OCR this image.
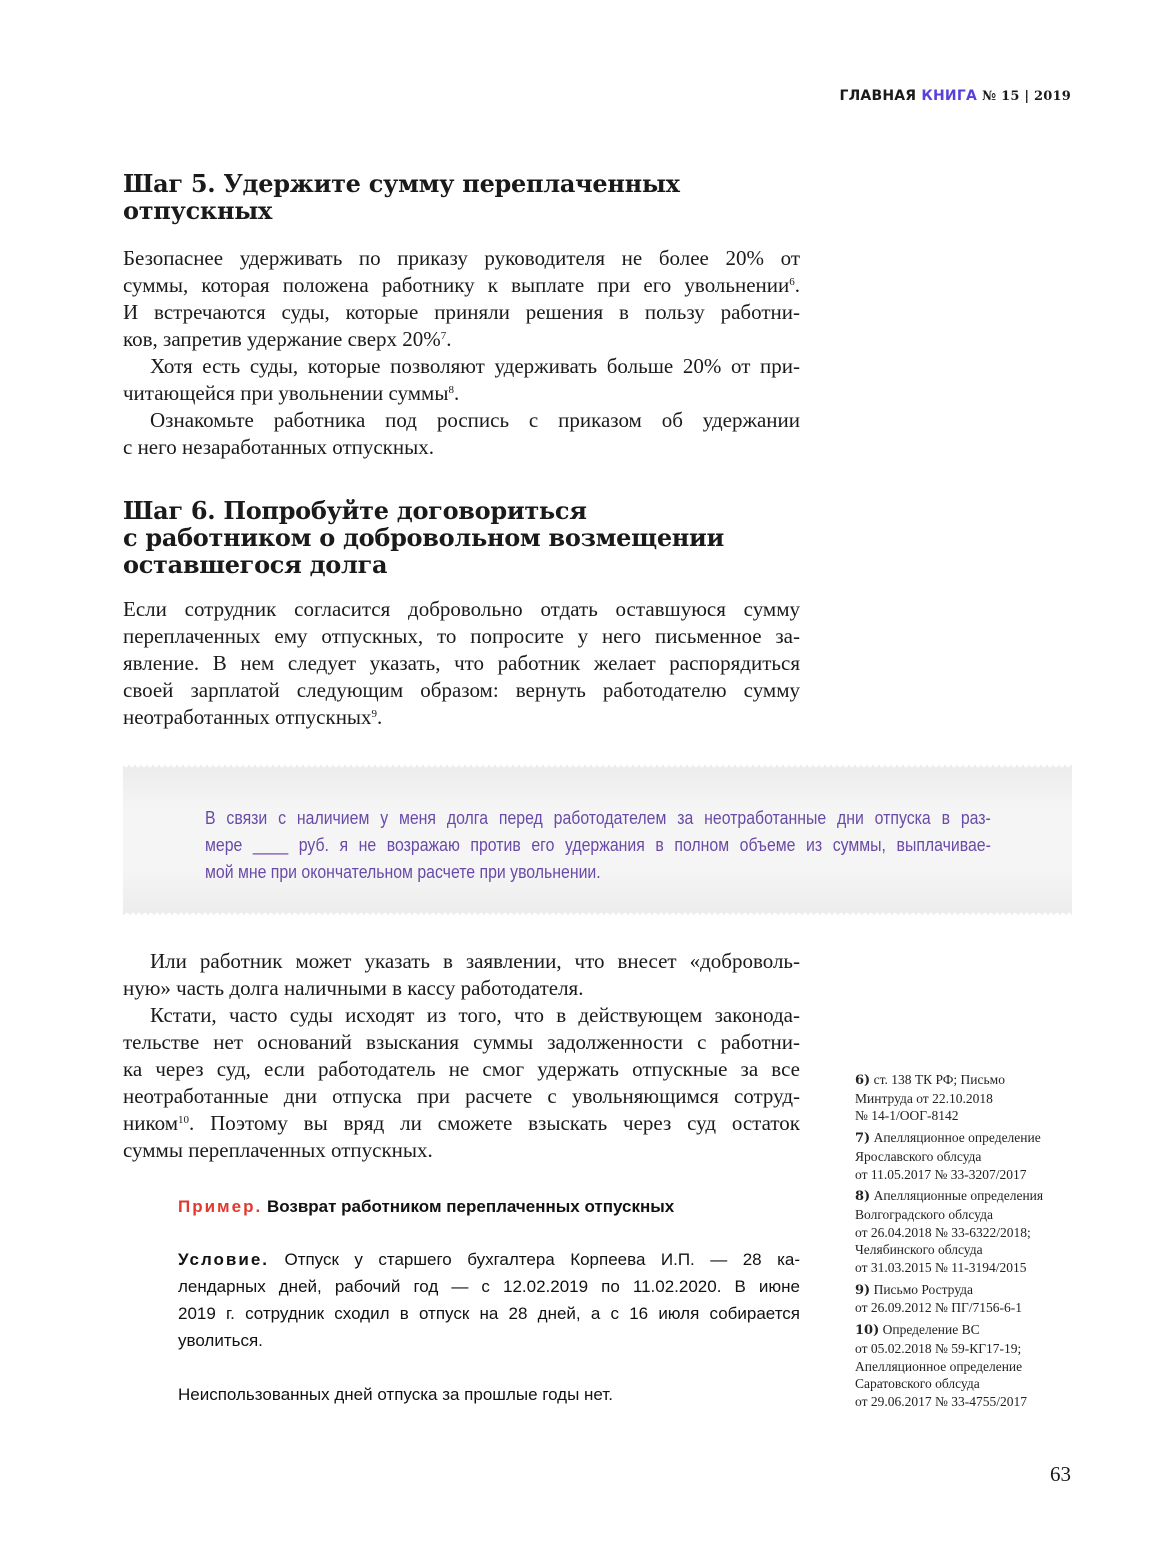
ГЛАВНАЯ КНИГА № 15 | 2019
Шаг 5. Удержите сумму переплаченных
отпускных
Безопаснее удерживать по приказу руководителя не более 20% от
суммы, которая положена работнику к выплате при его увольнении$^6$.
И встречаются суды, которые приняли решения в пользу работни-
ков, запретив удержание сверх 20%$^7$.
Хотя есть суды, которые позволяют удерживать больше 20% от при-
читающейся при увольнении суммы$^8$.
Ознакомьте работника под роспись с приказом об удержании
с него незаработанных отпускных.
Шаг 6. Попробуйте договориться
с работником о добровольном возмещении
оставшегося долга
Если сотрудник согласится добровольно отдать оставшуюся сумму
переплаченных ему отпускных, то попросите у него письменное за-
явление. В нем следует указать, что работник желает распорядиться
своей зарплатой следующим образом: вернуть работодателю сумму
неотработанных отпускных$^9$.
В связи с наличием у меня долга перед работодателем за неотработанные дни отпуска в раз-
мере ____ руб. я не возражаю против его удержания в полном объеме из суммы, выплачивае-
мой мне при окончательном расчете при увольнении.
Или работник может указать в заявлении, что внесет «доброволь-
ную» часть долга наличными в кассу работодателя.
Кстати, часто суды исходят из того, что в действующем законода-
тельстве нет оснований взыскания суммы задолженности с работни-
ка через суд, если работодатель не смог удержать отпускные за все
неотработанные дни отпуска при расчете с увольняющимся сотруд-
ником$^{10}$. Поэтому вы вряд ли сможете взыскать через суд остаток
суммы переплаченных отпускных.
Пример. Возврат работником переплаченных отпускных
Условие. Отпуск у старшего бухгалтера Корпеева И.П. — 28 ка-
лендарных дней, рабочий год — с 12.02.2019 по 11.02.2020. В июне
2019 г. сотрудник сходил в отпуск на 28 дней, а с 16 июля собирается
уволиться.
Неиспользованных дней отпуска за прошлые годы нет.
6) ст. 138 ТК РФ; Письмо
Минтруда от 22.10.2018
№ 14-1/ООГ-8142
7) Апелляционное определение
Ярославского облсуда
от 11.05.2017 № 33-3207/2017
8) Апелляционные определения
Волгоградского облсуда
от 26.04.2018 № 33-6322/2018;
Челябинского облсуда
от 31.03.2015 № 11-3194/2015
9) Письмо Роструда
от 26.09.2012 № ПГ/7156-6-1
10) Определение ВС
от 05.02.2018 № 59-КГ17-19;
Апелляционное определение
Саратовского облсуда
от 29.06.2017 № 33-4755/2017
63
